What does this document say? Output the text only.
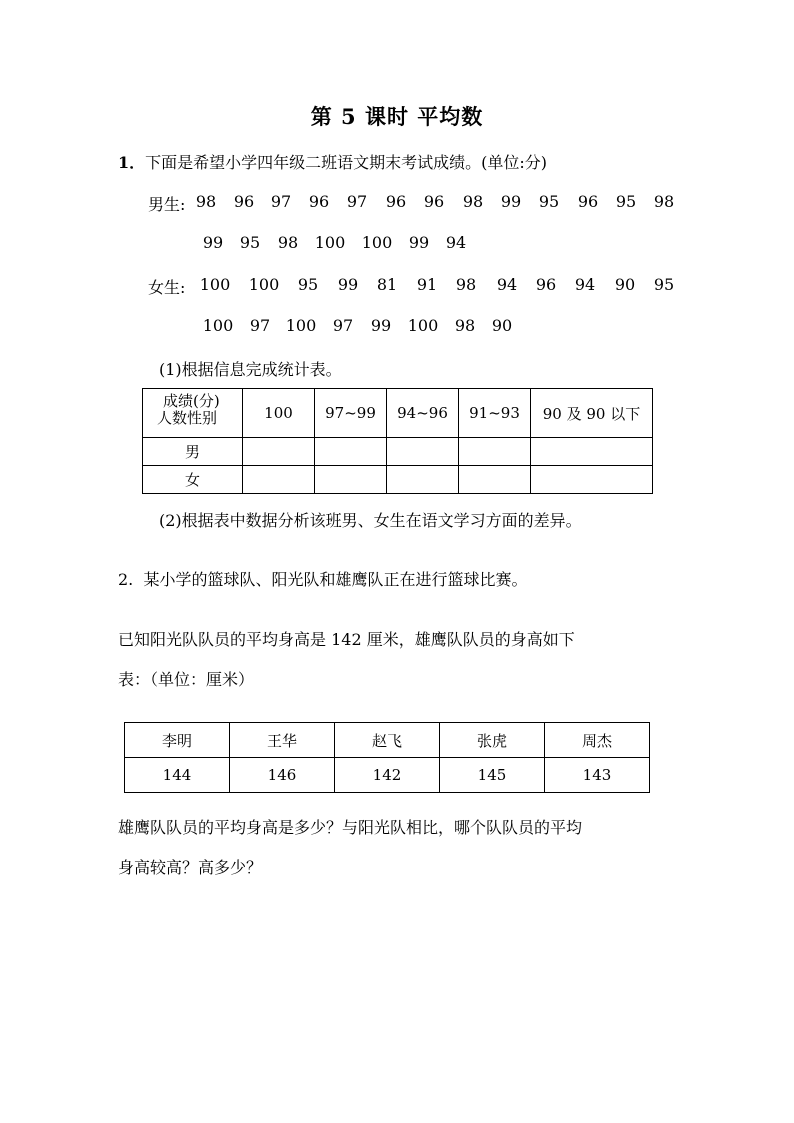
第 5 课时 平均数
1．下面是希望小学四年级二班语文期末考试成绩。(单位:分)
男生: 98	96	97	96	97	96	96	98	99	95	96	95	98
99	95	98	100 100	99	94
女生: 100 100	95	99	81	91	98	94	96	94	90	95
100	97 100	97	99	100	98	90
(1)根据信息完成统计表。
成绩(分)
人数性别	100	97~99	94~96	91~93	90 及 90 以下
男					
女					
(2)根据表中数据分析该班男、女生在语文学习方面的差异。
2. 某小学的篮球队、阳光队和雄鹰队正在进行篮球比赛。
已知阳光队队员的平均身高是 142 厘米，雄鹰队队员的身高如下
表：（单位：厘米）
李明	王华	赵飞	张虎	周杰
144	146	142	145	143
雄鹰队队员的平均身高是多少？与阳光队相比，哪个队队员的平均
身高较高？高多少？
